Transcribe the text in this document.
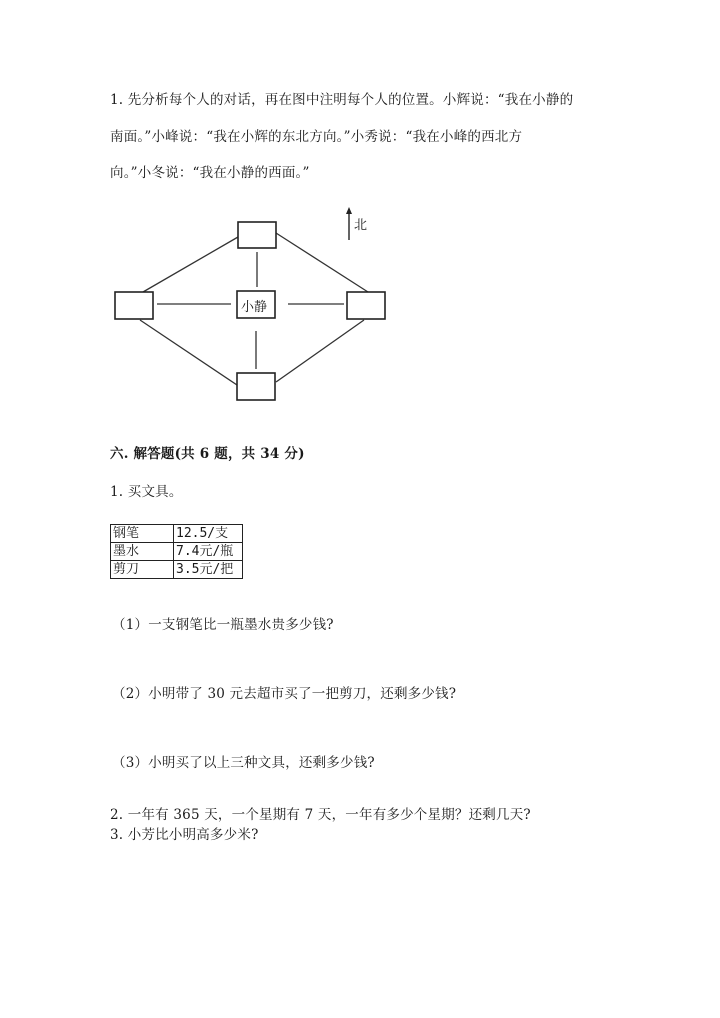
1. 先分析每个人的对话，再在图中注明每个人的位置。小辉说：“我在小静的
南面。”小峰说：“我在小辉的东北方向。”小秀说：“我在小峰的西北方
向。”小冬说：“我在小静的西面。”
小静
北
六. 解答题(共 6 题，共 34 分)
1. 买文具。
钢笔	12.5/支
墨水	7.4元/瓶
剪刀	3.5元/把
（1）一支钢笔比一瓶墨水贵多少钱?
（2）小明带了 30 元去超市买了一把剪刀，还剩多少钱?
（3）小明买了以上三种文具，还剩多少钱?
2. 一年有 365 天，一个星期有 7 天，一年有多少个星期？还剩几天?
3. 小芳比小明高多少米?
